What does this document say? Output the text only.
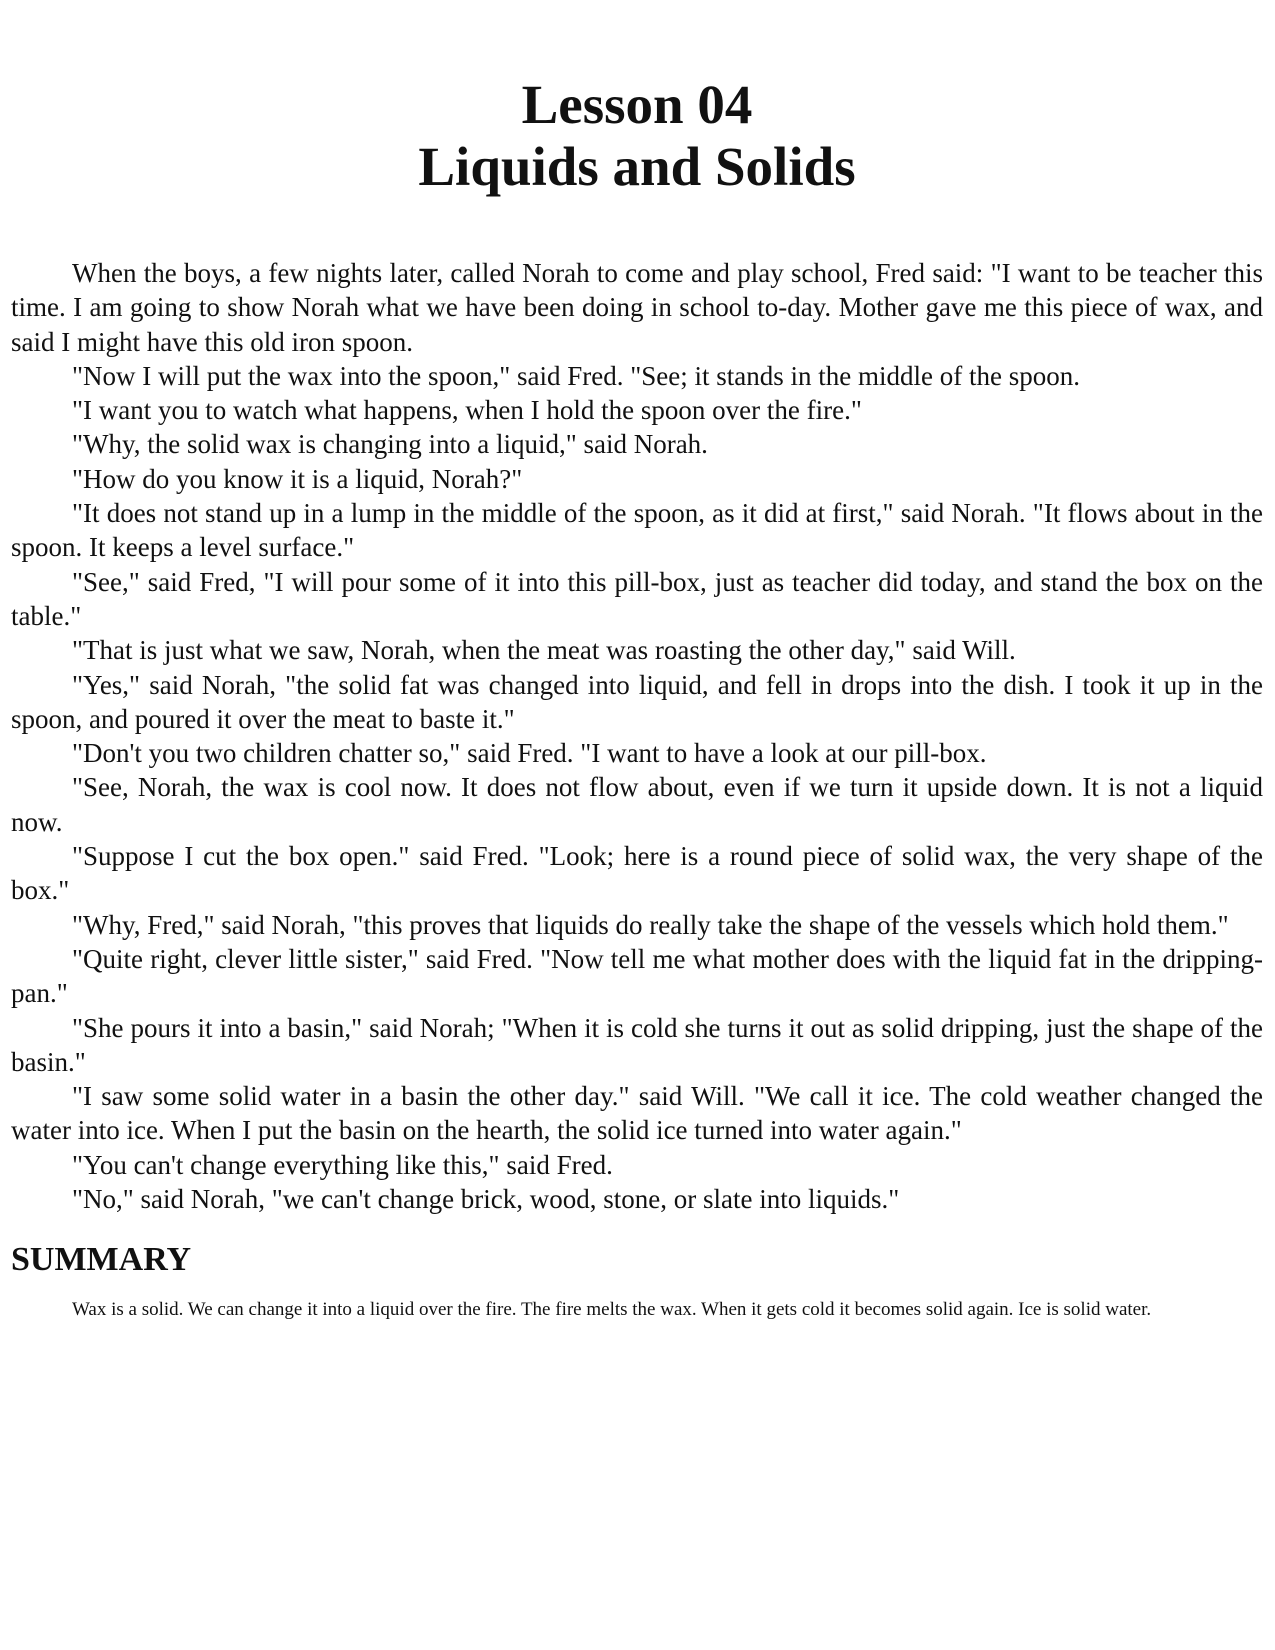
Lesson 04
Liquids and Solids

When the boys, a few nights later, called Norah to come and play school, Fred said: "I want to be teacher this time. I am going to show Norah what we have been doing in school to-day. Mother gave me this piece of wax, and said I might have this old iron spoon.

"Now I will put the wax into the spoon," said Fred. "See; it stands in the middle of the spoon.

"I want you to watch what happens, when I hold the spoon over the fire."

"Why, the solid wax is changing into a liquid," said Norah.

"How do you know it is a liquid, Norah?"

"It does not stand up in a lump in the middle of the spoon, as it did at first," said Norah. "It flows about in the spoon. It keeps a level surface."

"See," said Fred, "I will pour some of it into this pill-box, just as teacher did today, and stand the box on the table."

"That is just what we saw, Norah, when the meat was roasting the other day," said Will.

"Yes," said Norah, "the solid fat was changed into liquid, and fell in drops into the dish. I took it up in the spoon, and poured it over the meat to baste it."

"Don't you two children chatter so," said Fred. "I want to have a look at our pill-box.

"See, Norah, the wax is cool now. It does not flow about, even if we turn it upside down. It is not a liquid now.

"Suppose I cut the box open." said Fred. "Look; here is a round piece of solid wax, the very shape of the box."

"Why, Fred," said Norah, "this proves that liquids do really take the shape of the vessels which hold them."

"Quite right, clever little sister," said Fred. "Now tell me what mother does with the liquid fat in the dripping-pan."

"She pours it into a basin," said Norah; "When it is cold she turns it out as solid dripping, just the shape of the basin."

"I saw some solid water in a basin the other day." said Will. "We call it ice. The cold weather changed the water into ice. When I put the basin on the hearth, the solid ice turned into water again."

"You can't change everything like this," said Fred.

"No," said Norah, "we can't change brick, wood, stone, or slate into liquids."

SUMMARY

Wax is a solid. We can change it into a liquid over the fire. The fire melts the wax. When it gets cold it becomes solid again. Ice is solid water.
